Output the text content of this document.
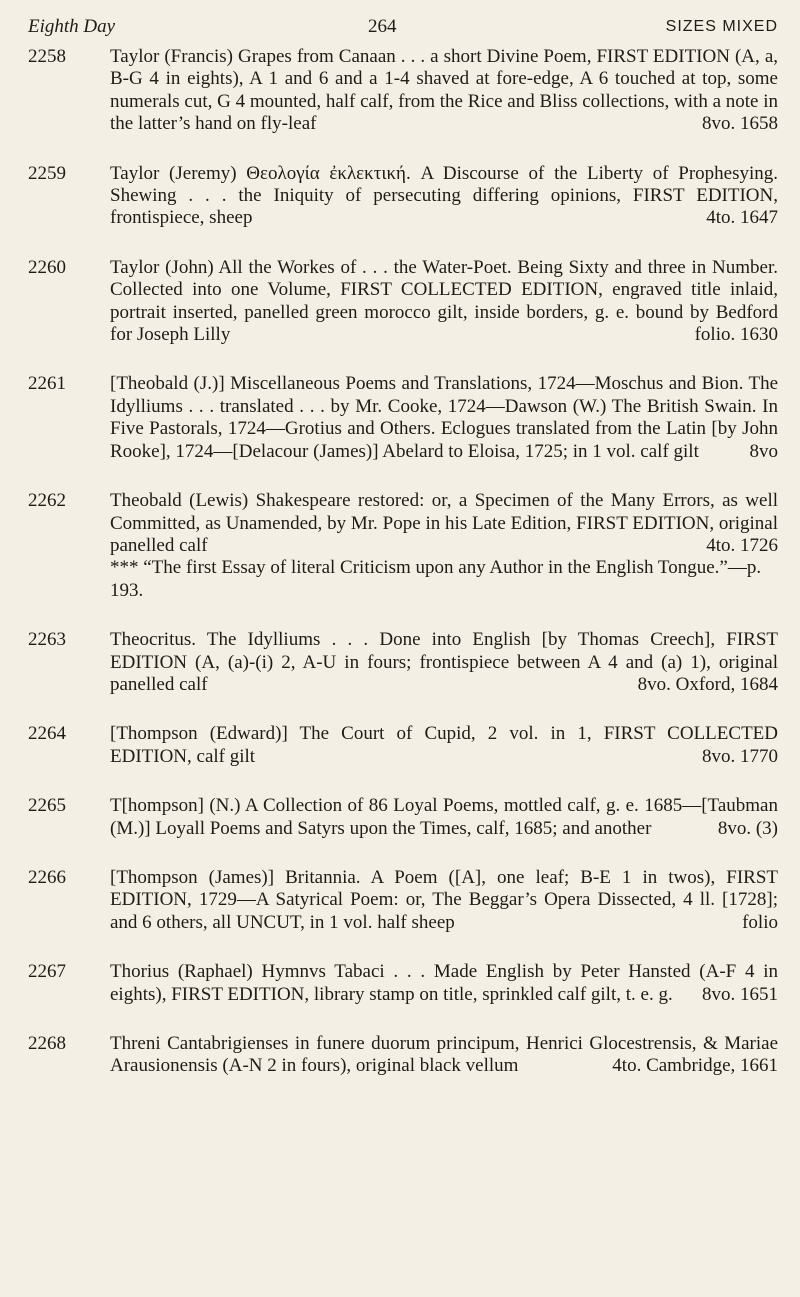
Eighth Day	264	SIZES MIXED
2258	Taylor (Francis) Grapes from Canaan . . . a short Divine Poem, FIRST EDITION (A, a, B-G 4 in eights), A 1 and 6 and a 1-4 shaved at fore-edge, A 6 touched at top, some numerals cut, G 4 mounted, half calf, from the Rice and Bliss collections, with a note in the latter’s hand on fly-leaf	8vo. 1658
2259	Taylor (Jeremy) Θεολογία ἐκλεκτική. A Discourse of the Liberty of Prophesying. Shewing . . . the Iniquity of persecuting differing opinions, FIRST EDITION, frontispiece, sheep	4to. 1647
2260	Taylor (John) All the Workes of . . . the Water-Poet. Being Sixty and three in Number. Collected into one Volume, FIRST COLLECTED EDITION, engraved title inlaid, portrait inserted, panelled green morocco gilt, inside borders, g. e. bound by Bedford for Joseph Lilly	folio. 1630
2261	[Theobald (J.)] Miscellaneous Poems and Translations, 1724—Moschus and Bion. The Idylliums . . . translated . . . by Mr. Cooke, 1724—Dawson (W.) The British Swain. In Five Pastorals, 1724—Grotius and Others. Eclogues translated from the Latin [by John Rooke], 1724—[Delacour (James)] Abelard to Eloisa, 1725; in 1 vol. calf gilt	8vo
2262	Theobald (Lewis) Shakespeare restored: or, a Specimen of the Many Errors, as well Committed, as Unamended, by Mr. Pope in his Late Edition, FIRST EDITION, original panelled calf	4to. 1726
*** “The first Essay of literal Criticism upon any Author in the English Tongue.”—p. 193.
2263	Theocritus. The Idylliums . . . Done into English [by Thomas Creech], FIRST EDITION (A, (a)-(i) 2, A-U in fours; frontispiece between A 4 and (a) 1), original panelled calf	8vo. Oxford, 1684
2264	[Thompson (Edward)] The Court of Cupid, 2 vol. in 1, FIRST COLLECTED EDITION, calf gilt	8vo. 1770
2265	T[hompson] (N.) A Collection of 86 Loyal Poems, mottled calf, g. e. 1685—[Taubman (M.)] Loyall Poems and Satyrs upon the Times, calf, 1685; and another	8vo. (3)
2266	[Thompson (James)] Britannia. A Poem ([A], one leaf; B-E 1 in twos), FIRST EDITION, 1729—A Satyrical Poem: or, The Beggar’s Opera Dissected, 4 ll. [1728]; and 6 others, all UNCUT, in 1 vol. half sheep	folio
2267	Thorius (Raphael) Hymnvs Tabaci . . . Made English by Peter Hansted (A-F 4 in eights), FIRST EDITION, library stamp on title, sprinkled calf gilt, t. e. g.	8vo. 1651
2268	Threni Cantabrigienses in funere duorum principum, Henrici Glocestrensis, & Mariae Arausionensis (A-N 2 in fours), original black vellum	4to. Cambridge, 1661
